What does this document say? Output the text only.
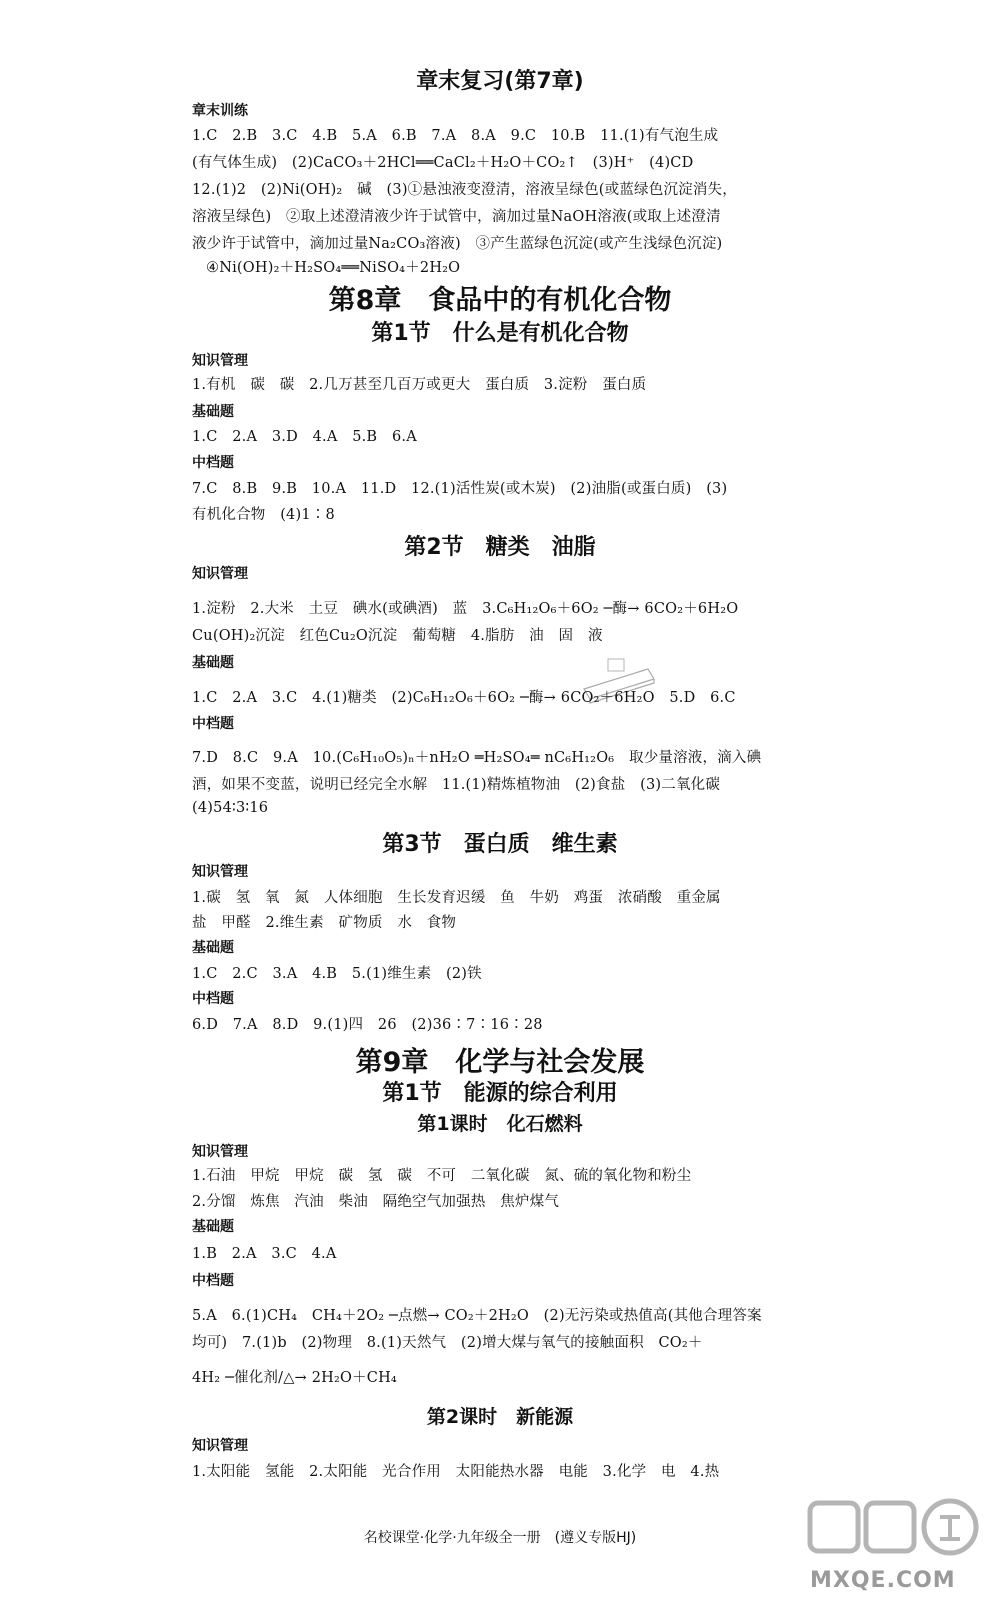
章末复习(第7章)
章末训练
1.C　2.B　3.C　4.B　5.A　6.B　7.A　8.A　9.C　10.B　11.(1)有气泡生成
(有气体生成)　(2)CaCO₃＋2HCl══CaCl₂＋H₂O＋CO₂↑　(3)H⁺　(4)CD
12.(1)2　(2)Ni(OH)₂　碱　(3)①悬浊液变澄清，溶液呈绿色(或蓝绿色沉淀消失，
溶液呈绿色)　②取上述澄清液少许于试管中，滴加过量NaOH溶液(或取上述澄清
液少许于试管中，滴加过量Na₂CO₃溶液)　③产生蓝绿色沉淀(或产生浅绿色沉淀)
④Ni(OH)₂＋H₂SO₄══NiSO₄＋2H₂O
第8章　食品中的有机化合物
第1节　什么是有机化合物
知识管理
1.有机　碳　碳　2.几万甚至几百万或更大　蛋白质　3.淀粉　蛋白质
基础题
1.C　2.A　3.D　4.A　5.B　6.A
中档题
7.C　8.B　9.B　10.A　11.D　12.(1)活性炭(或木炭)　(2)油脂(或蛋白质)　(3)
有机化合物　(4)1∶8
第2节　糖类　油脂
知识管理
1.淀粉　2.大米　土豆　碘水(或碘酒)　蓝　3.C₆H₁₂O₆＋6O₂ ─酶→ 6CO₂＋6H₂O
Cu(OH)₂沉淀　红色Cu₂O沉淀　葡萄糖　4.脂肪　油　固　液
基础题
1.C　2.A　3.C　4.(1)糖类　(2)C₆H₁₂O₆＋6O₂ ─酶→ 6CO₂＋6H₂O　5.D　6.C
中档题
7.D　8.C　9.A　10.(C₆H₁₀O₅)ₙ＋nH₂O ═H₂SO₄═ nC₆H₁₂O₆　取少量溶液，滴入碘
酒，如果不变蓝，说明已经完全水解　11.(1)精炼植物油　(2)食盐　(3)二氧化碳
(4)54∶3∶16
第3节　蛋白质　维生素
知识管理
1.碳　氢　氧　氮　人体细胞　生长发育迟缓　鱼　牛奶　鸡蛋　浓硝酸　重金属
盐　甲醛　2.维生素　矿物质　水　食物
基础题
1.C　2.C　3.A　4.B　5.(1)维生素　(2)铁
中档题
6.D　7.A　8.D　9.(1)四　26　(2)36∶7∶16∶28
第9章　化学与社会发展
第1节　能源的综合利用
第1课时　化石燃料
知识管理
1.石油　甲烷　甲烷　碳　氢　碳　不可　二氧化碳　氮、硫的氧化物和粉尘
2.分馏　炼焦　汽油　柴油　隔绝空气加强热　焦炉煤气
基础题
1.B　2.A　3.C　4.A
中档题
5.A　6.(1)CH₄　CH₄＋2O₂ ─点燃→ CO₂＋2H₂O　(2)无污染或热值高(其他合理答案
均可)　7.(1)b　(2)物理　8.(1)天然气　(2)增大煤与氧气的接触面积　CO₂＋
4H₂ ─催化剂/△→ 2H₂O＋CH₄
第2课时　新能源
知识管理
1.太阳能　氢能　2.太阳能　光合作用　太阳能热水器　电能　3.化学　电　4.热
名校课堂·化学·九年级全一册　(遵义专版HJ)
MXQE.COM
